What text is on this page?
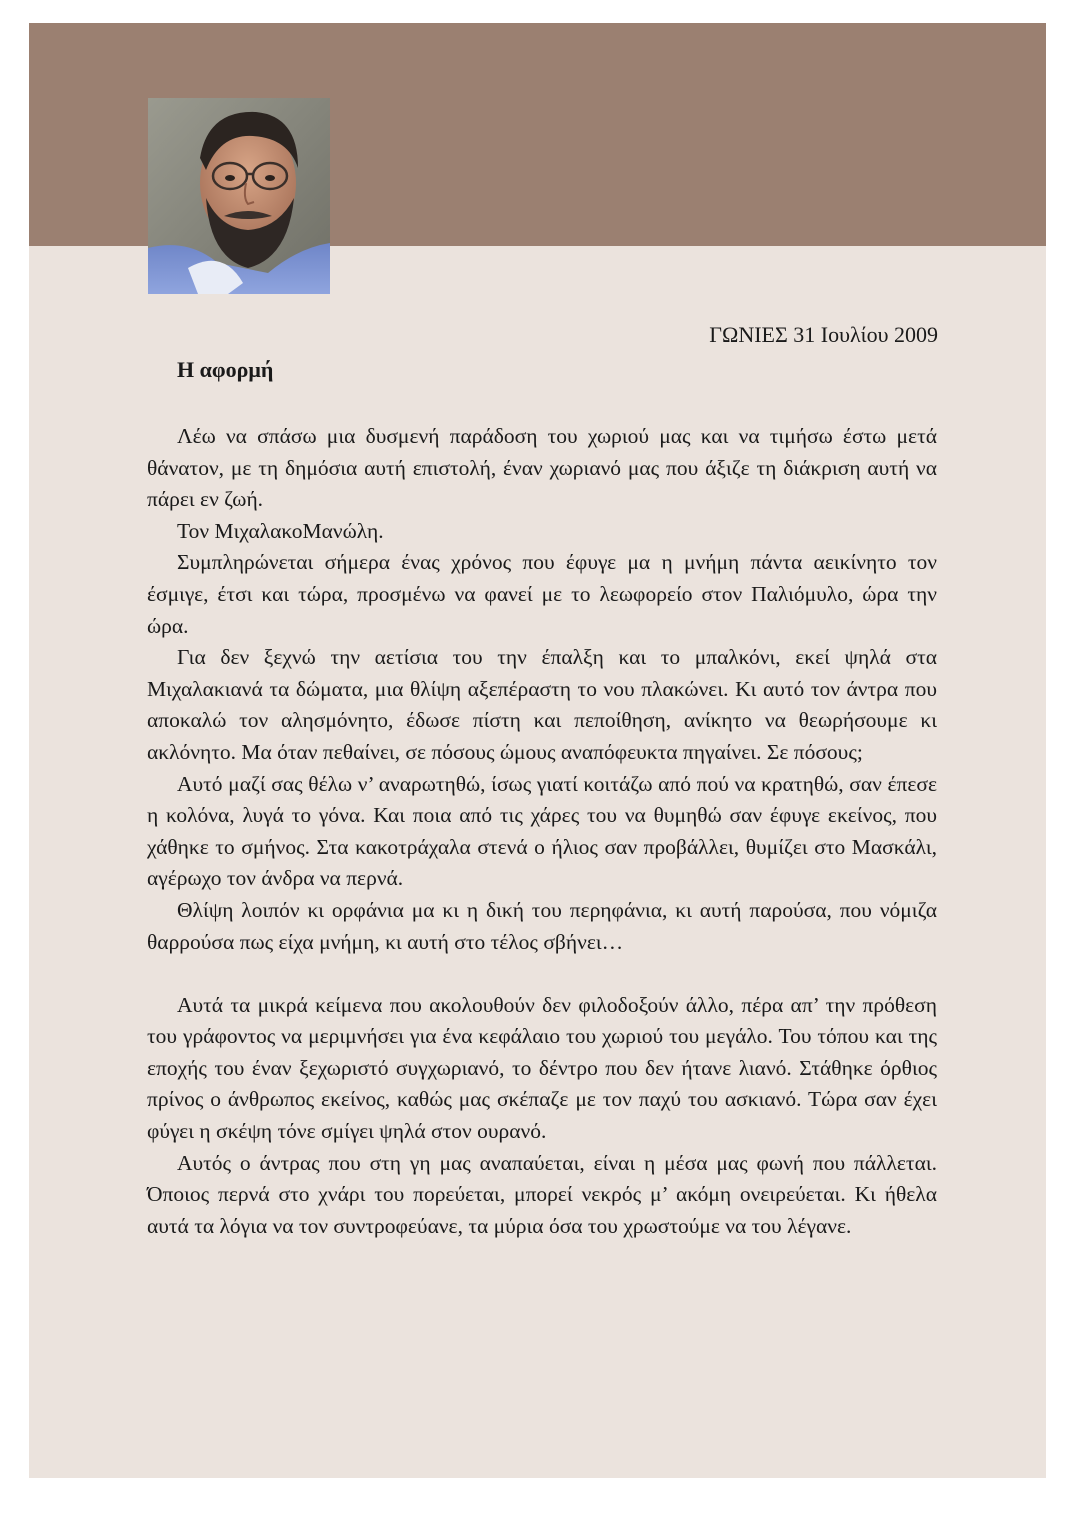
ΓΩΝΙΕΣ 31 Ιουλίου 2009
Η αφορμή

Λέω να σπάσω μια δυσμενή παράδοση του χωριού μας και να τιμήσω έστω μετά θάνατον, με τη δημόσια αυτή επιστολή, έναν χωριανό μας που άξιζε τη διάκριση αυτή να πάρει εν ζωή.

Τον ΜιχαλακοΜανώλη.

Συμπληρώνεται σήμερα ένας χρόνος που έφυγε μα η μνήμη πάντα αεικίνητο τον έσμιγε, έτσι και τώρα, προσμένω να φανεί με το λεωφορείο στον Παλιόμυλο, ώρα την ώρα.

Για δεν ξεχνώ την αετίσια του την έπαλξη και το μπαλκόνι, εκεί ψηλά στα Μιχαλακιανά τα δώματα, μια θλίψη αξεπέραστη το νου πλακώνει. Κι αυτό τον άντρα που αποκαλώ τον αλησμόνητο, έδωσε πίστη και πεποίθηση, ανίκητο να θεωρήσουμε κι ακλόνητο. Μα όταν πεθαίνει, σε πόσους ώμους αναπόφευκτα πηγαίνει. Σε πόσους;

Αυτό μαζί σας θέλω ν’ αναρωτηθώ, ίσως γιατί κοιτάζω από πού να κρατηθώ, σαν έπεσε η κολόνα, λυγά το γόνα. Και ποια από τις χάρες του να θυμηθώ σαν έφυγε εκείνος, που χάθηκε το σμήνος. Στα κακοτράχαλα στενά ο ήλιος σαν προβάλλει, θυμίζει στο Μασκάλι, αγέρωχο τον άνδρα να περνά.

Θλίψη λοιπόν κι ορφάνια μα κι η δική του περηφάνια, κι αυτή παρούσα, που νόμιζα θαρρούσα πως είχα μνήμη, κι αυτή στο τέλος σβήνει…

Αυτά τα μικρά κείμενα που ακολουθούν δεν φιλοδοξούν άλλο, πέρα απ’ την πρόθεση του γράφοντος να μεριμνήσει για ένα κεφάλαιο του χωριού του μεγάλο. Του τόπου και της εποχής του έναν ξεχωριστό συγχωριανό, το δέντρο που δεν ήτανε λιανό. Στάθηκε όρθιος πρίνος ο άνθρωπος εκείνος, καθώς μας σκέπαζε με τον παχύ του ασκιανό. Τώρα σαν έχει φύγει η σκέψη τόνε σμίγει ψηλά στον ουρανό.

Αυτός ο άντρας που στη γη μας αναπαύεται, είναι η μέσα μας φωνή που πάλλεται. Όποιος περνά στο χνάρι του πορεύεται, μπορεί νεκρός μ’ ακόμη ονειρεύεται. Κι ήθελα αυτά τα λόγια να τον συντροφεύανε, τα μύρια όσα του χρωστούμε να του λέγανε.
